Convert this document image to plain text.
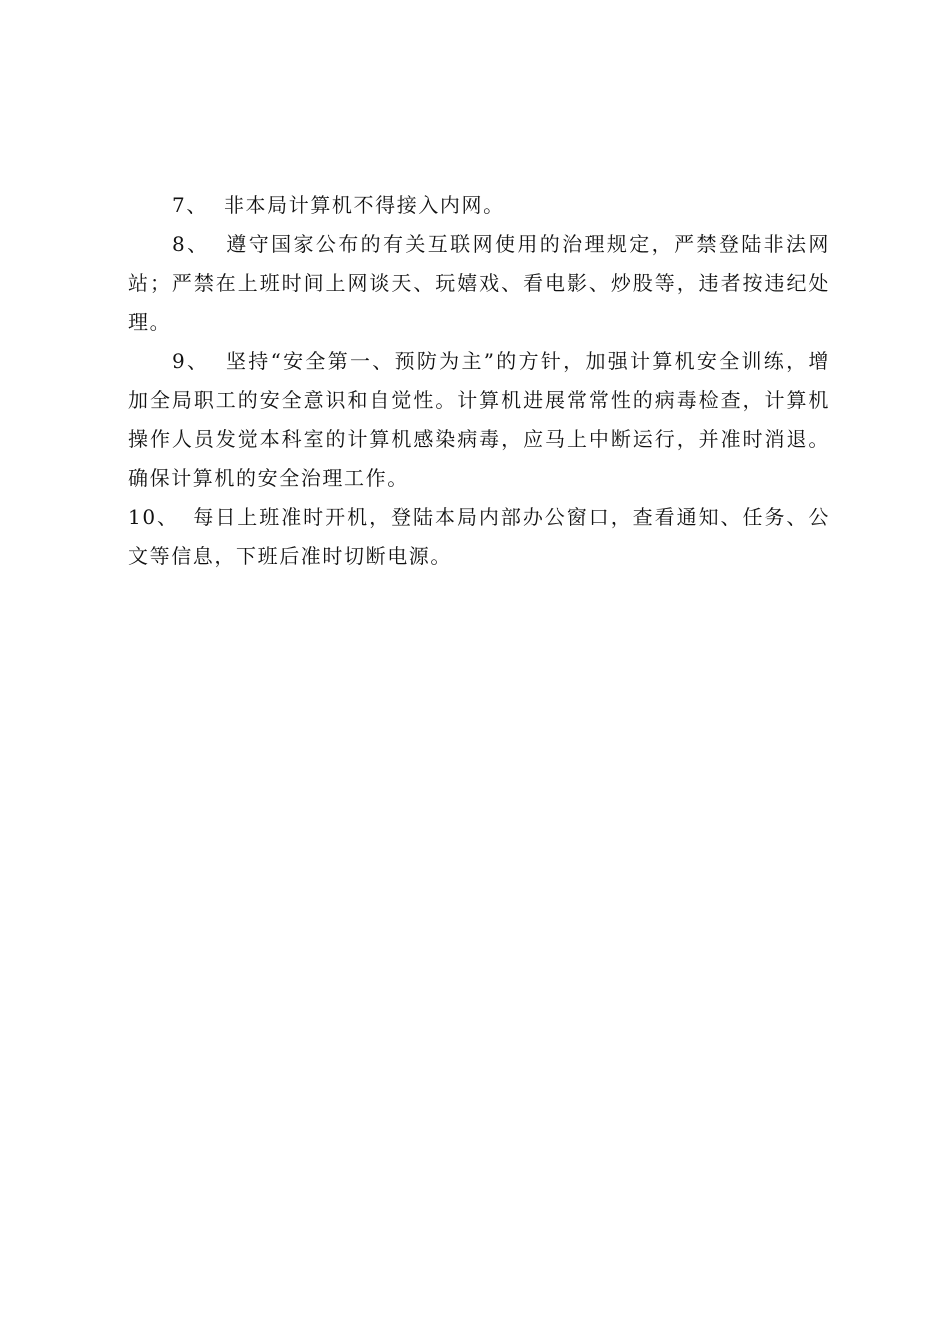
7、 非本局计算机不得接入内网。

8、 遵守国家公布的有关互联网使用的治理规定，严禁登陆非法网站；严禁在上班时间上网谈天、玩嬉戏、看电影、炒股等，违者按违纪处理。

9、 坚持“安全第一、预防为主”的方针，加强计算机安全训练，增加全局职工的安全意识和自觉性。计算机进展常常性的病毒检查，计算机操作人员发觉本科室的计算机感染病毒，应马上中断运行，并准时消退。确保计算机的安全治理工作。

10、 每日上班准时开机，登陆本局内部办公窗口，查看通知、任务、公文等信息，下班后准时切断电源。
